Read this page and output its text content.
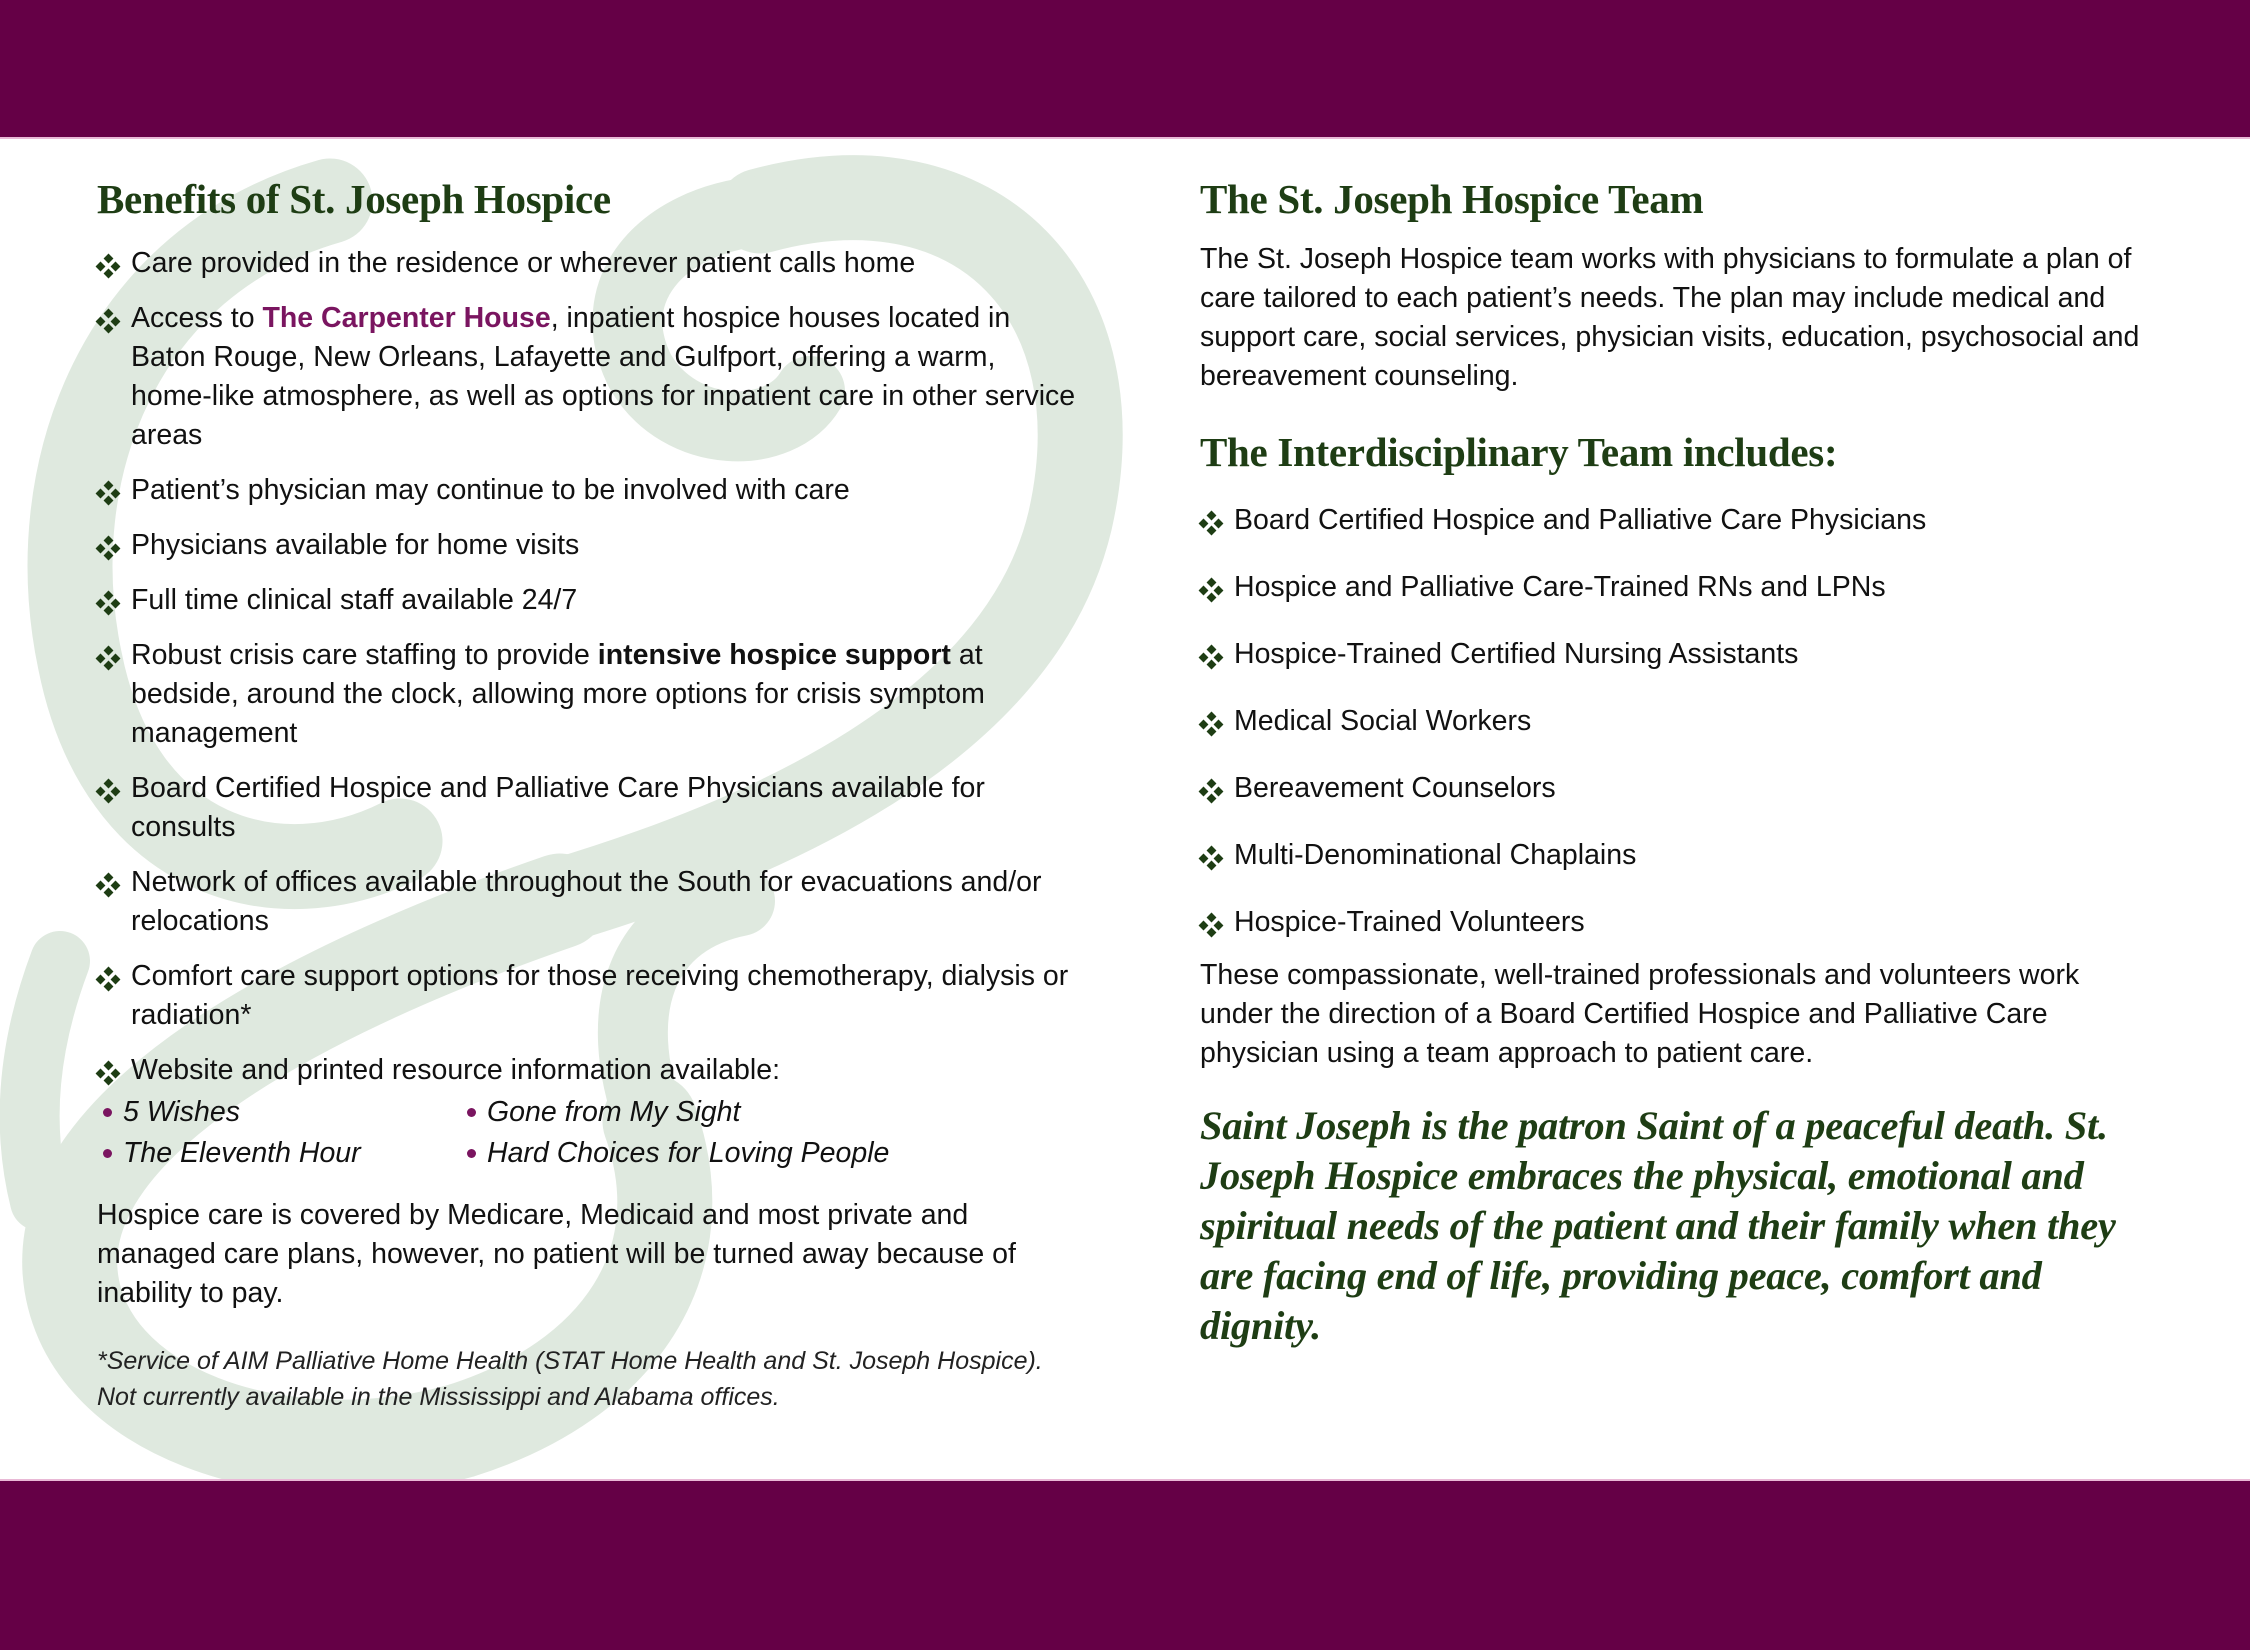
Benefits of St. Joseph Hospice
Care provided in the residence or wherever patient calls home
Access to The Carpenter House, inpatient hospice houses located in Baton Rouge, New Orleans, Lafayette and Gulfport, offering a warm, home-like atmosphere, as well as options for inpatient care in other service areas
Patient’s physician may continue to be involved with care
Physicians available for home visits
Full time clinical staff available 24/7
Robust crisis care staffing to provide intensive hospice support at bedside, around the clock, allowing more options for crisis symptom management
Board Certified Hospice and Palliative Care Physicians available for consults
Network of offices available throughout the South for evacuations and/or relocations
Comfort care support options for those receiving chemotherapy, dialysis or radiation*
Website and printed resource information available:
5 Wishes	Gone from My Sight
The Eleventh Hour	Hard Choices for Loving People

Hospice care is covered by Medicare, Medicaid and most private and managed care plans, however, no patient will be turned away because of inability to pay.

*Service of AIM Palliative Home Health (STAT Home Health and St. Joseph Hospice). Not currently available in the Mississippi and Alabama offices.

The St. Joseph Hospice Team

The St. Joseph Hospice team works with physicians to formulate a plan of care tailored to each patient’s needs. The plan may include medical and support care, social services, physician visits, education, psychosocial and bereavement counseling.

The Interdisciplinary Team includes:
Board Certified Hospice and Palliative Care Physicians
Hospice and Palliative Care-Trained RNs and LPNs
Hospice-Trained Certified Nursing Assistants
Medical Social Workers
Bereavement Counselors
Multi-Denominational Chaplains
Hospice-Trained Volunteers

These compassionate, well-trained professionals and volunteers work under the direction of a Board Certified Hospice and Palliative Care physician using a team approach to patient care.

Saint Joseph is the patron Saint of a peaceful death. St. Joseph Hospice embraces the physical, emotional and spiritual needs of the patient and their family when they are facing end of life, providing peace, comfort and dignity.
